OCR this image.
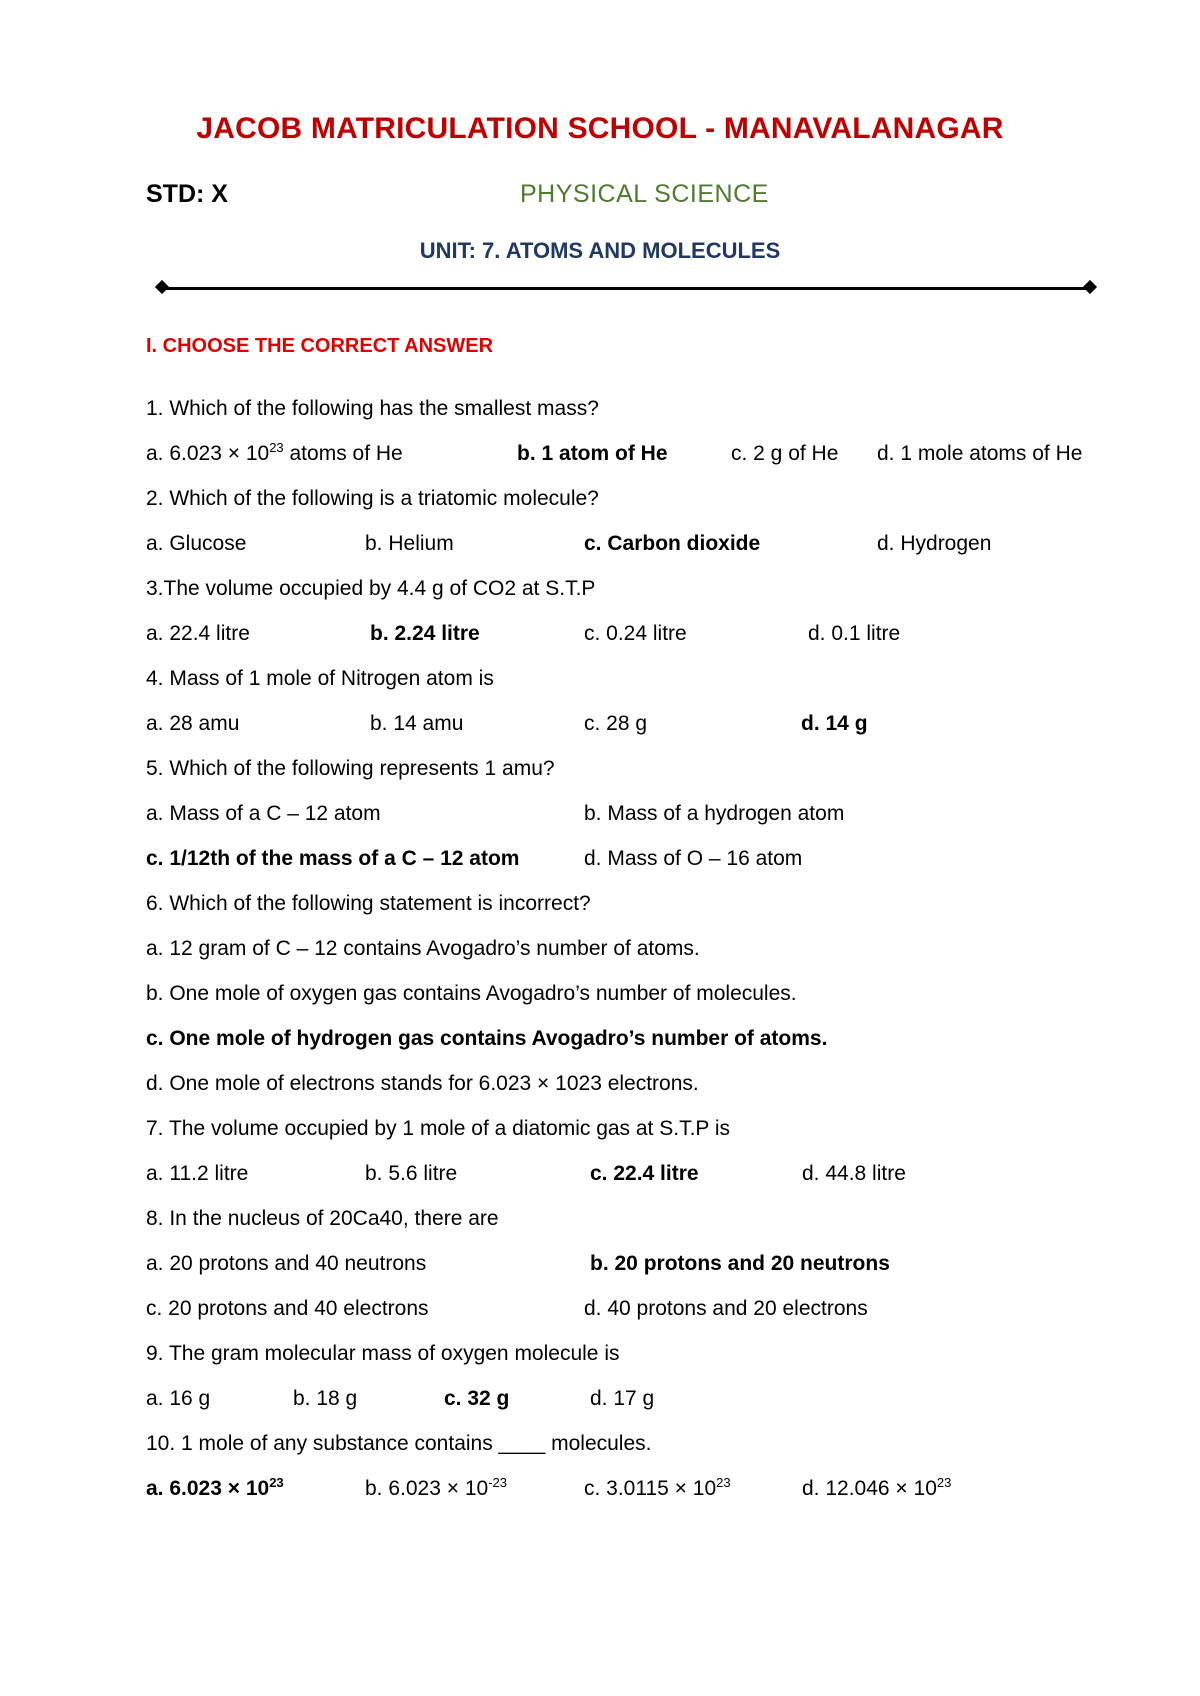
JACOB MATRICULATION SCHOOL - MANAVALANAGAR
STD: X	PHYSICAL SCIENCE
UNIT: 7. ATOMS AND MOLECULES
I. CHOOSE THE CORRECT ANSWER
1. Which of the following has the smallest mass?
a. $6.023 \times 10^{23}$ atoms of He	b. 1 atom of He	c. 2 g of He d. 1 mole atoms of He
2. Which of the following is a triatomic molecule?
a. Glucose	b. Helium	c. Carbon dioxide	d. Hydrogen
3.The volume occupied by 4.4 g of CO2 at S.T.P
a. 22.4 litre	b. 2.24 litre	c. 0.24 litre	d. 0.1 litre
4. Mass of 1 mole of Nitrogen atom is
a. 28 amu	b. 14 amu	c. 28 g	d. 14 g
5. Which of the following represents 1 amu?
a. Mass of a C – 12 atom	b. Mass of a hydrogen atom
c. 1/12th of the mass of a C – 12 atom	d. Mass of O – 16 atom
6. Which of the following statement is incorrect?
a. 12 gram of C – 12 contains Avogadro’s number of atoms.
b. One mole of oxygen gas contains Avogadro’s number of molecules.
c. One mole of hydrogen gas contains Avogadro’s number of atoms.
d. One mole of electrons stands for 6.023 × 1023 electrons.
7. The volume occupied by 1 mole of a diatomic gas at S.T.P is
a. 11.2 litre	b. 5.6 litre	c. 22.4 litre	d. 44.8 litre
8. In the nucleus of 20Ca40, there are
a. 20 protons and 40 neutrons	b. 20 protons and 20 neutrons
c. 20 protons and 40 electrons	d. 40 protons and 20 electrons
9. The gram molecular mass of oxygen molecule is
a. 16 g	b. 18 g	c. 32 g	d. 17 g
10. 1 mole of any substance contains ____ molecules.
a. $6.023 \times 10^{23}$	b. $6.023 \times 10^{-23}$	c. $3.0115 \times 10^{23}$	d. $12.046 \times 10^{23}$
